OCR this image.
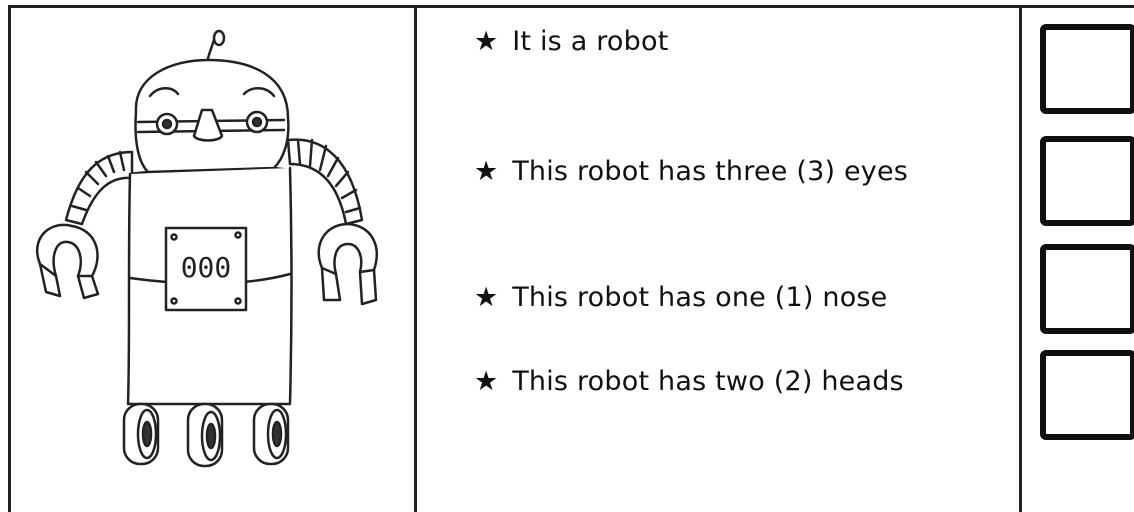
000
★ It is a robot
★ This robot has three (3) eyes
★ This robot has one (1) nose
★ This robot has two (2) heads
